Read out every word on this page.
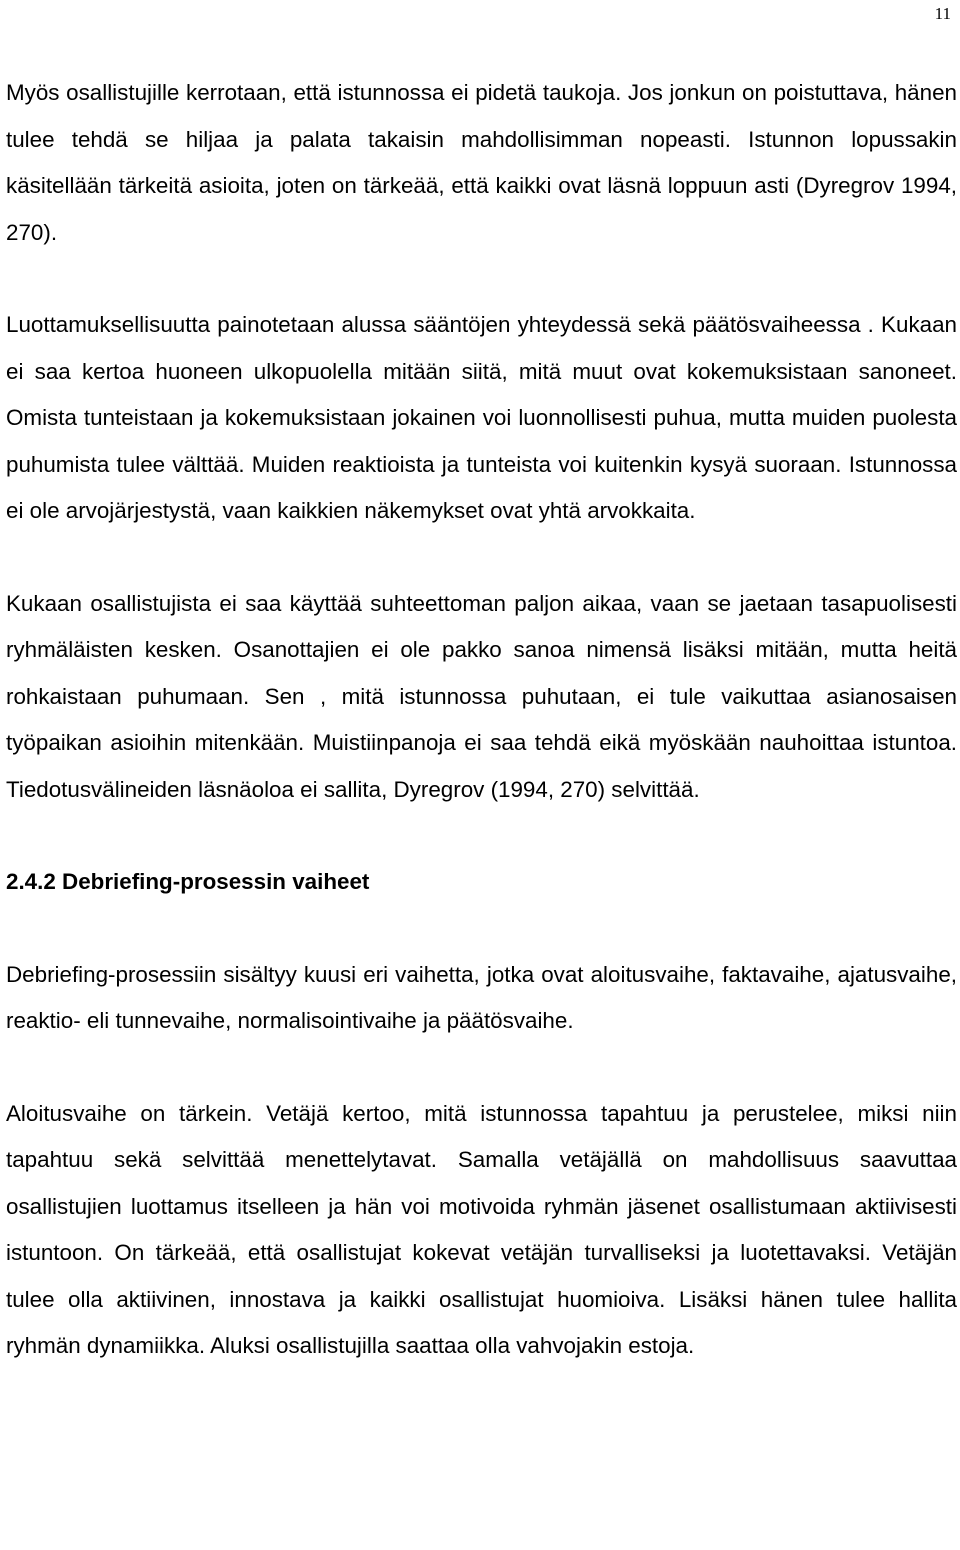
11

Myös osallistujille kerrotaan, että istunnossa ei pidetä taukoja. Jos jonkun on poistuttava, hänen tulee tehdä se hiljaa ja palata takaisin mahdollisimman nopeasti. Istunnon lopussakin käsitellään tärkeitä asioita, joten on tärkeää, että kaikki ovat läsnä loppuun asti (Dyregrov 1994, 270).

Luottamuksellisuutta painotetaan alussa sääntöjen yhteydessä sekä päätösvaiheessa . Kukaan ei saa kertoa huoneen ulkopuolella mitään siitä, mitä muut ovat kokemuksistaan sanoneet. Omista tunteistaan ja kokemuksistaan jokainen voi luonnollisesti puhua, mutta muiden puolesta puhumista tulee välttää. Muiden reaktioista ja tunteista voi kuitenkin kysyä suoraan. Istunnossa ei ole arvojärjestystä, vaan kaikkien näkemykset ovat yhtä arvokkaita.

Kukaan osallistujista ei saa käyttää suhteettoman paljon aikaa, vaan se jaetaan tasapuolisesti ryhmäläisten kesken. Osanottajien ei ole pakko sanoa nimensä lisäksi mitään, mutta heitä rohkaistaan puhumaan. Sen , mitä istunnossa puhutaan, ei tule vaikuttaa asianosaisen työpaikan asioihin mitenkään. Muistiinpanoja ei saa tehdä eikä myöskään nauhoittaa istuntoa. Tiedotusvälineiden läsnäoloa ei sallita, Dyregrov (1994, 270) selvittää.

2.4.2 Debriefing-prosessin vaiheet

Debriefing-prosessiin sisältyy kuusi eri vaihetta, jotka ovat aloitusvaihe, faktavaihe, ajatusvaihe, reaktio- eli tunnevaihe, normalisointivaihe ja päätösvaihe.

Aloitusvaihe on tärkein. Vetäjä kertoo, mitä istunnossa tapahtuu ja perustelee, miksi niin tapahtuu sekä selvittää menettelytavat. Samalla vetäjällä on mahdollisuus saavuttaa osallistujien luottamus itselleen ja hän voi motivoida ryhmän jäsenet osallistumaan aktiivisesti istuntoon. On tärkeää, että osallistujat kokevat vetäjän turvalliseksi ja luotettavaksi. Vetäjän tulee olla aktiivinen, innostava ja kaikki osallistujat huomioiva. Lisäksi hänen tulee hallita ryhmän dynamiikka. Aluksi osallistujilla saattaa olla vahvojakin estoja.
